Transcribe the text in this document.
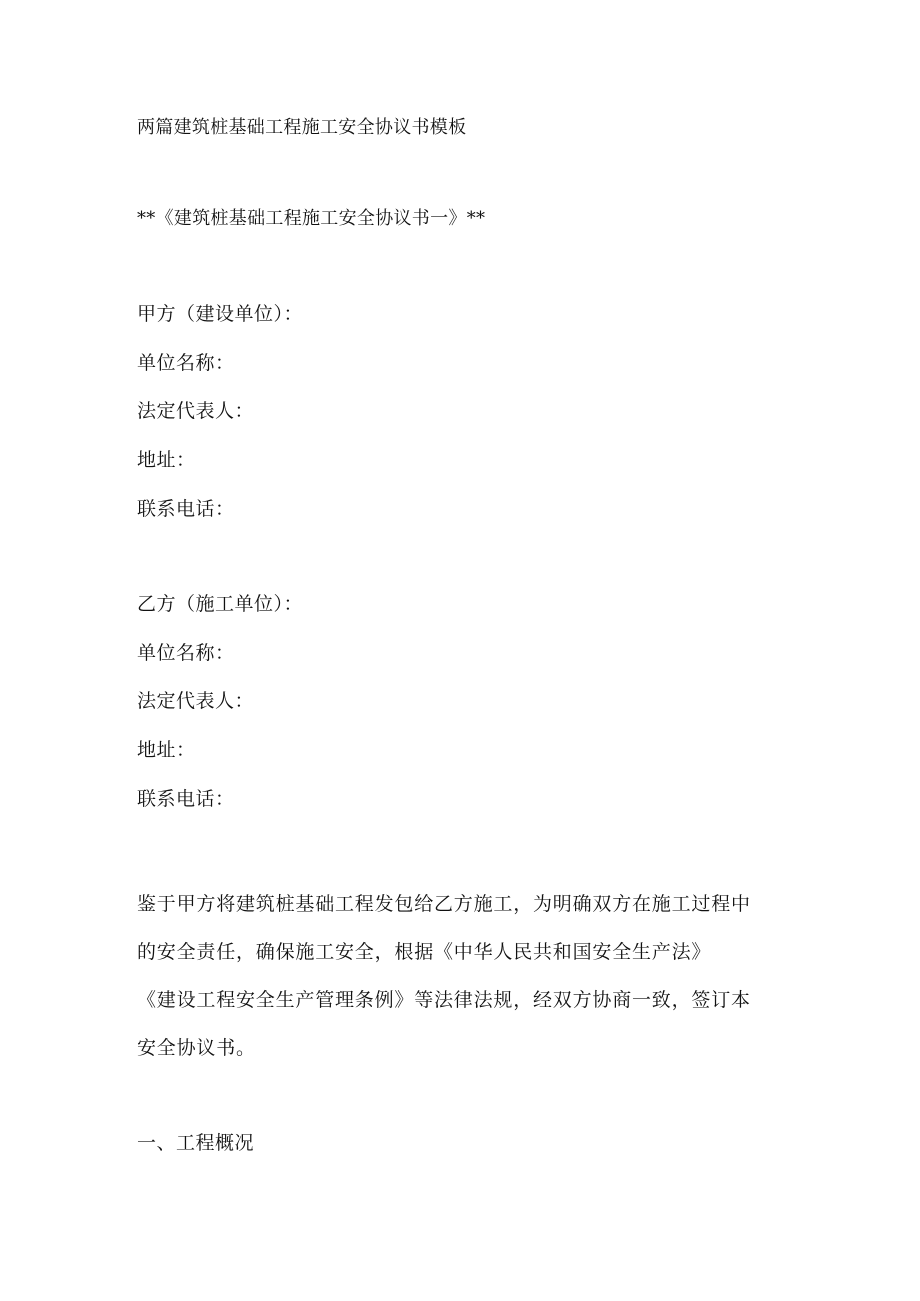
两篇建筑桩基础工程施工安全协议书模板

**《建筑桩基础工程施工安全协议书一》**

甲方（建设单位）：

单位名称：

法定代表人：

地址：

联系电话：

乙方（施工单位）：

单位名称：

法定代表人：

地址：

联系电话：

鉴于甲方将建筑桩基础工程发包给乙方施工，为明确双方在施工过程中
的安全责任，确保施工安全，根据《中华人民共和国安全生产法》
《建设工程安全生产管理条例》等法律法规，经双方协商一致，签订本
安全协议书。

一、工程概况
